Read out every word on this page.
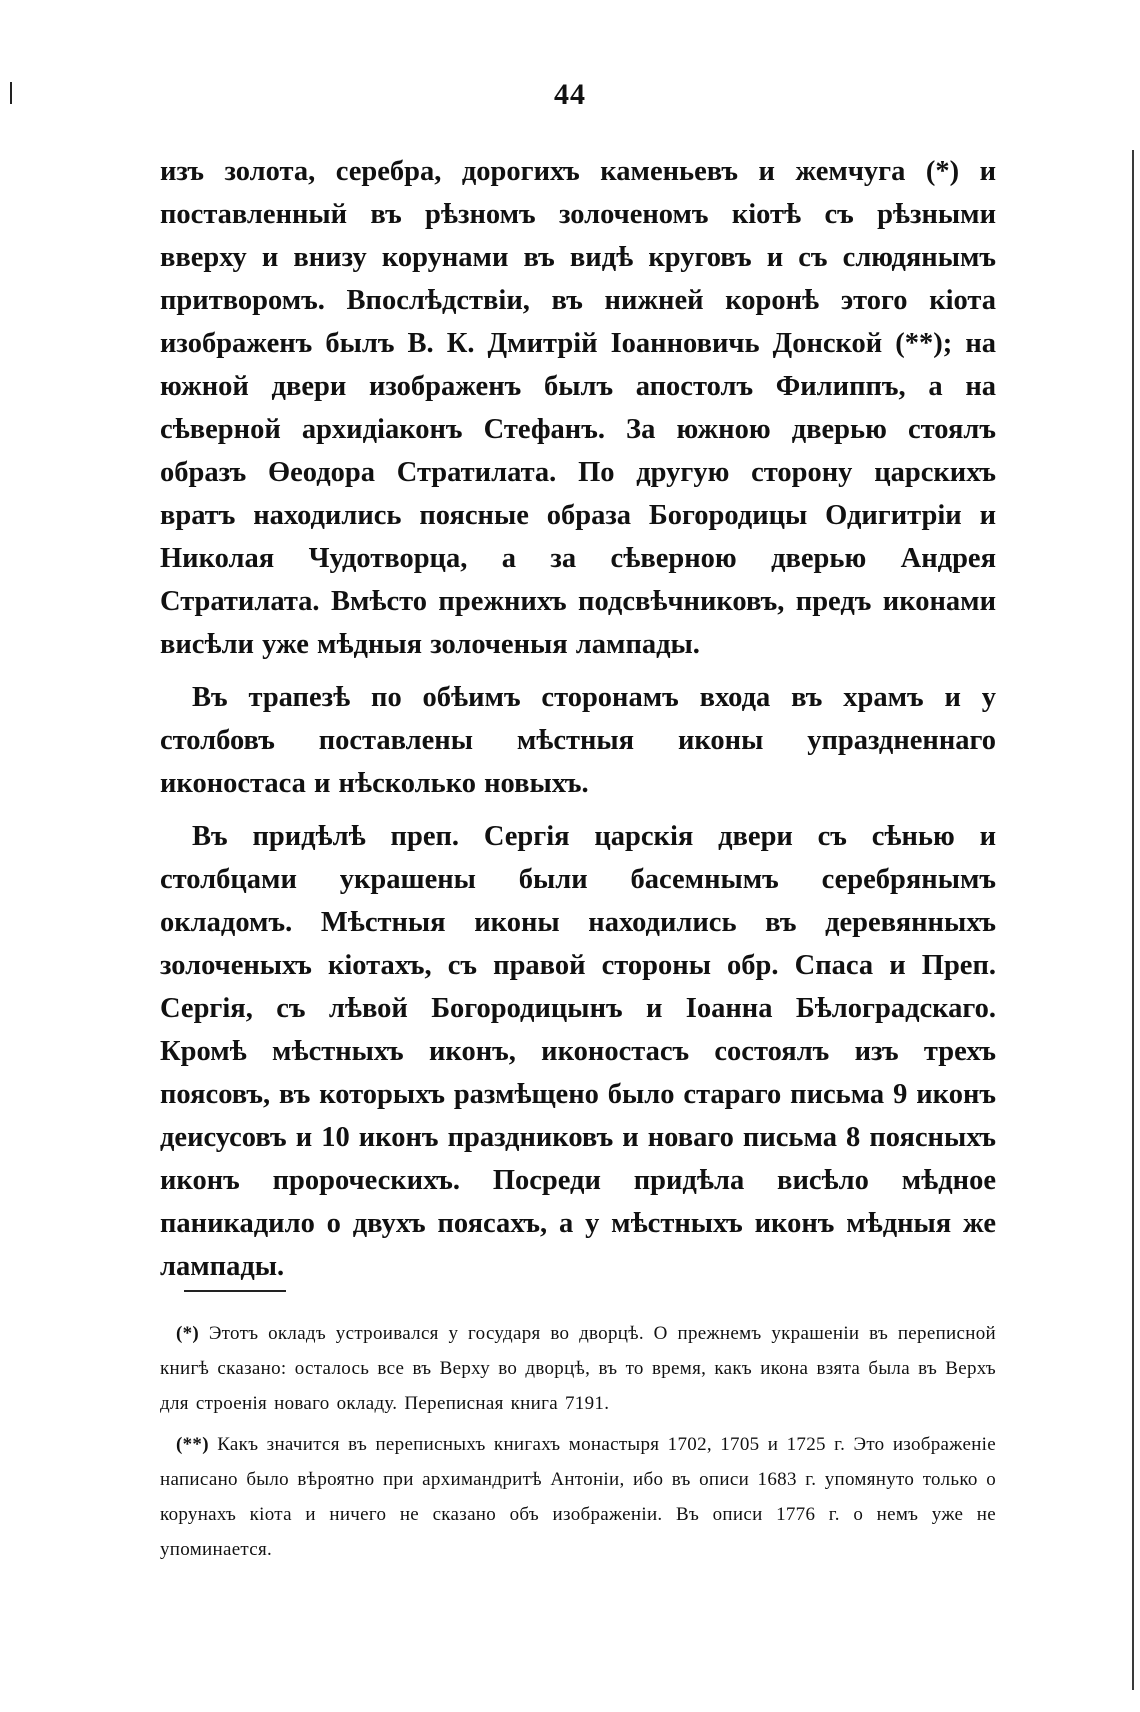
44

изъ золота, серебра, дорогихъ каменьевъ и жемчуга (*) и поставленный въ рѣзномъ золоченомъ кіотѣ съ рѣзными вверху и внизу корунами въ видѣ круговъ и съ слюдянымъ притворомъ. Впослѣдствіи, въ нижней коронѣ этого кіота изображенъ былъ В. К. Дмитрій Іоанновичь Донской (**); на южной двери изображенъ былъ апостолъ Филиппъ, а на сѣверной архидіаконъ Стефанъ. За южною дверью стоялъ образъ Өеодора Стратилата. По другую сторону царскихъ вратъ находились поясные образа Богородицы Одигитріи и Николая Чудотворца, а за сѣверною дверью Андрея Стратилата. Вмѣсто прежнихъ подсвѣчниковъ, предъ иконами висѣли уже мѣдныя золоченыя лампады.

Въ трапезѣ по обѣимъ сторонамъ входа въ храмъ и у столбовъ поставлены мѣстныя иконы упраздненнаго иконостаса и нѣсколько новыхъ.

Въ придѣлѣ преп. Сергія царскія двери съ сѣнью и столбцами украшены были басемнымъ серебрянымъ окладомъ. Мѣстныя иконы находились въ деревянныхъ золоченыхъ кіотахъ, съ правой стороны обр. Спаса и Преп. Сергія, съ лѣвой Богородицынъ и Іоанна Бѣлоградскаго. Кромѣ мѣстныхъ иконъ, иконостасъ состоялъ изъ трехъ поясовъ, въ которыхъ размѣщено было стараго письма 9 иконъ деисусовъ и 10 иконъ праздниковъ и новаго письма 8 поясныхъ иконъ пророческихъ. Посреди придѣла висѣло мѣдное паникадило о двухъ поясахъ, а у мѣстныхъ иконъ мѣдныя же лампады.

(*) Этотъ окладъ устроивался у государя во дворцѣ. О прежнемъ украшеніи въ переписной книгѣ сказано: осталось все въ Верху во дворцѣ, въ то время, какъ икона взята была въ Верхъ для строенія новаго окладу. Переписная книга 7191.

(**) Какъ значится въ переписныхъ книгахъ монастыря 1702, 1705 и 1725 г. Это изображеніе написано было вѣроятно при архимандритѣ Антоніи, ибо въ описи 1683 г. упомянуто только о корунахъ кіота и ничего не сказано объ изображеніи. Въ описи 1776 г. о немъ уже не упоминается.
